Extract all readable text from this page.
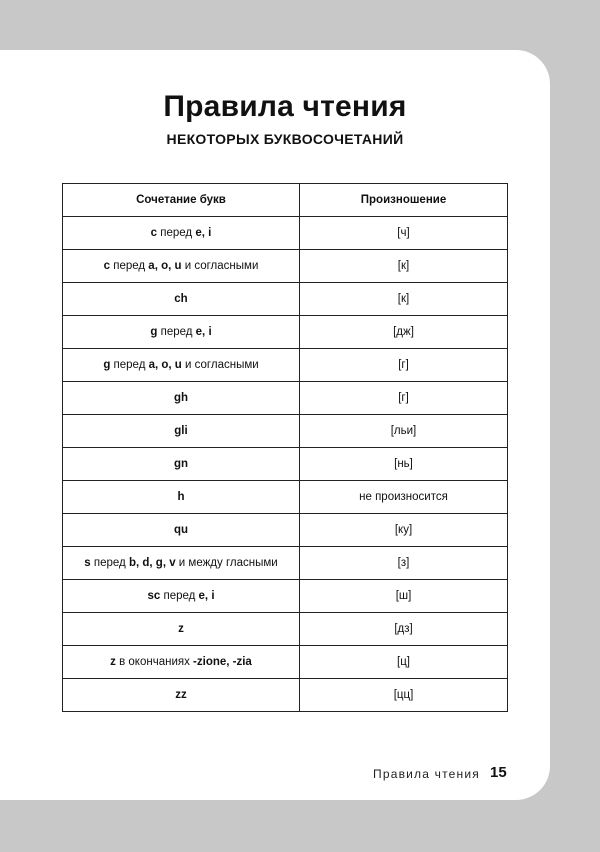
Правила чтения
НЕКОТОРЫХ БУКВОСОЧЕТАНИЙ
Сочетание букв	Произношение
c перед e, i	[ч]
c перед a, o, u и согласными	[к]
ch	[к]
g перед e, i	[дж]
g перед a, o, u и согласными	[г]
gh	[г]
gli	[льи]
gn	[нь]
h	не произносится
qu	[ку]
s перед b, d, g, v и между гласными	[з]
sc перед e, i	[ш]
z	[дз]
z в окончаниях -zione, -zia	[ц]
zz	[цц]
Правила чтения 15
